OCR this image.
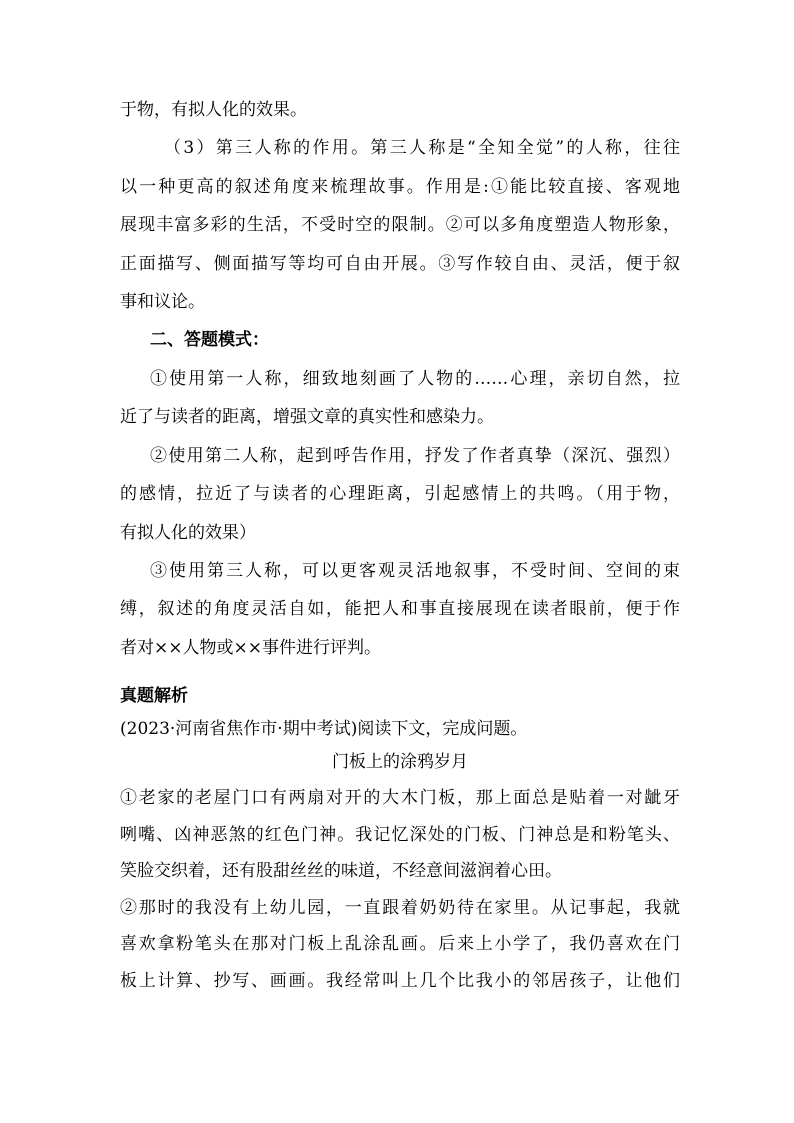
于物，有拟人化的效果。
（3）第三人称的作用。第三人称是“全知全觉”的人称，往往
以一种更高的叙述角度来梳理故事。作用是:①能比较直接、客观地
展现丰富多彩的生活，不受时空的限制。②可以多角度塑造人物形象，
正面描写、侧面描写等均可自由开展。③写作较自由、灵活，便于叙
事和议论。
二、答题模式：
①使用第一人称，细致地刻画了人物的……心理，亲切自然，拉
近了与读者的距离，增强文章的真实性和感染力。
②使用第二人称，起到呼告作用，抒发了作者真挚（深沉、强烈）
的感情，拉近了与读者的心理距离，引起感情上的共鸣。（用于物，
有拟人化的效果）
③使用第三人称，可以更客观灵活地叙事，不受时间、空间的束
缚，叙述的角度灵活自如，能把人和事直接展现在读者眼前，便于作
者对××人物或××事件进行评判。
真题解析
(2023·河南省焦作市·期中考试)阅读下文，完成问题。
门板上的涂鸦岁月
①老家的老屋门口有两扇对开的大木门板，那上面总是贴着一对龇牙
咧嘴、凶神恶煞的红色门神。我记忆深处的门板、门神总是和粉笔头、
笑脸交织着，还有股甜丝丝的味道，不经意间滋润着心田。
②那时的我没有上幼儿园，一直跟着奶奶待在家里。从记事起，我就
喜欢拿粉笔头在那对门板上乱涂乱画。后来上小学了，我仍喜欢在门
板上计算、抄写、画画。我经常叫上几个比我小的邻居孩子，让他们
